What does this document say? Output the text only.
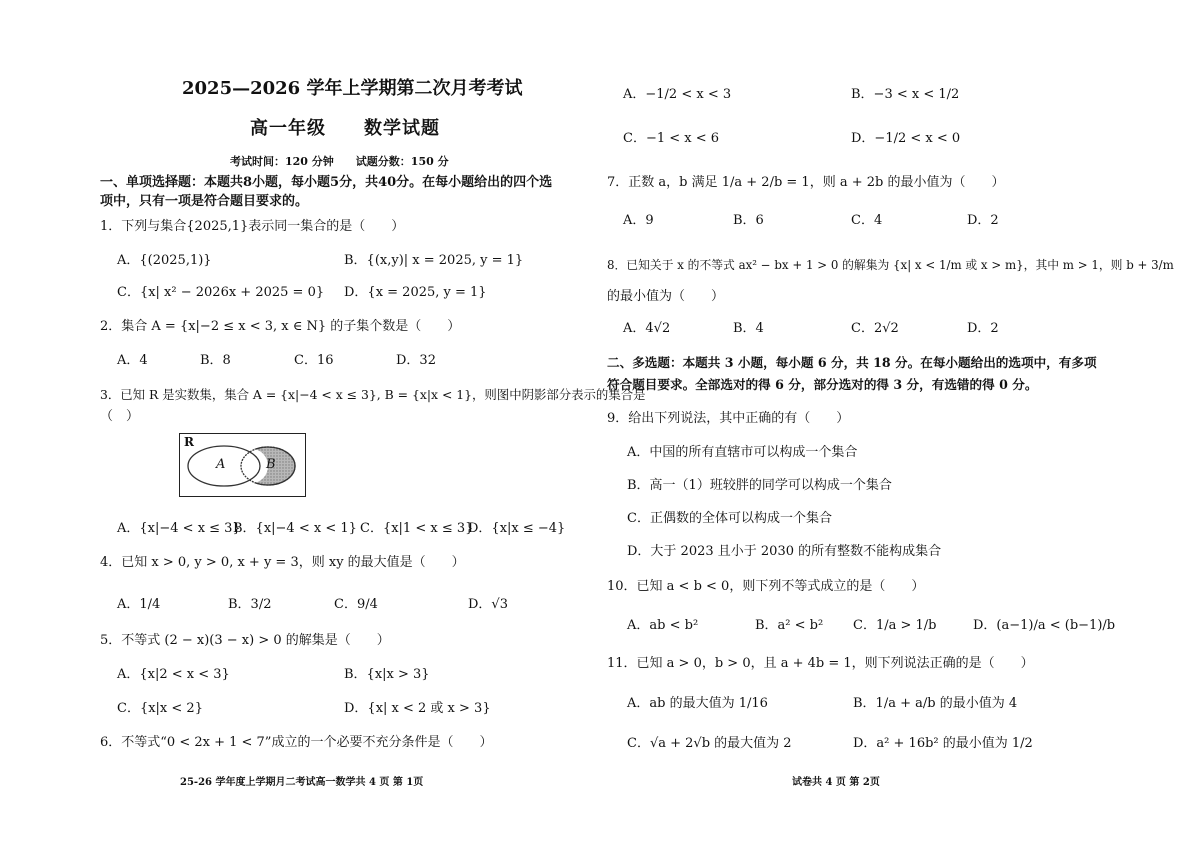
2025—2026 学年上学期第二次月考考试
高一年级　　数学试题
考试时间：120 分钟　　试题分数：150 分
一、单项选择题：本题共8小题，每小题5分，共40分。在每小题给出的四个选
项中，只有一项是符合题目要求的。
1．下列与集合{2025,1}表示同一集合的是（　　）
A．{(2025,1)}	B．{(x,y)| x = 2025, y = 1}
C．{x| x² − 2026x + 2025 = 0} D．{x = 2025, y = 1}
2．集合 A = {x|−2 ≤ x < 3, x ∈ N} 的子集个数是（　　）
A．4	B．8	C．16	D．32
3．已知 R 是实数集，集合 A = {x|−4 < x ≤ 3}, B = {x|x < 1}，则图中阴影部分表示的集合是
（　）
A．{x|−4 < x ≤ 3}
B．{x|−4 < x < 1} C．{x|1 < x ≤ 3}
D．{x|x ≤ −4}
4．已知 x > 0, y > 0, x + y = 3，则 xy 的最大值是（　　）
A．1/4	B．3/2	C．9/4	D．√3
5．不等式 (2 − x)(3 − x) > 0 的解集是（　　）
A．{x|2 < x < 3}	B．{x|x > 3}
C．{x|x < 2}	D．{x| x < 2 或 x > 3}
6．不等式“0 < 2x + 1 < 7”成立的一个必要不充分条件是（　　）
25-26 学年度上学期月二考试高一数学共 4 页 第 1页
R
A	B
A．−1/2 < x < 3	B．−3 < x < 1/2
C．−1 < x < 6	D．−1/2 < x < 0
7．正数 a，b 满足 1/a + 2/b = 1，则 a + 2b 的最小值为（　　）
A．9	B．6	C．4	D．2
8．已知关于 x 的不等式 ax² − bx + 1 > 0 的解集为 {x| x < 1/m 或 x > m}，其中 m > 1，则 b + 3/m
的最小值为（　　）
A．4√2	B．4	C．2√2	D．2
二、多选题：本题共 3 小题，每小题 6 分，共 18 分。在每小题给出的选项中，有多项
符合题目要求。全部选对的得 6 分，部分选对的得 3 分，有选错的得 0 分。
9．给出下列说法，其中正确的有（　　）
A．中国的所有直辖市可以构成一个集合
B．高一（1）班较胖的同学可以构成一个集合
C．正偶数的全体可以构成一个集合
D．大于 2023 且小于 2030 的所有整数不能构成集合
10．已知 a < b < 0，则下列不等式成立的是（　　）
A．ab < b²	B．a² < b² C．1/a > 1/b	D．(a−1)/a < (b−1)/b
11．已知 a > 0，b > 0，且 a + 4b = 1，则下列说法正确的是（　　）
A．ab 的最大值为 1/16	B．1/a + a/b 的最小值为 4
C．√a + 2√b 的最大值为 2	D．a² + 16b² 的最小值为 1/2
试卷共 4 页 第 2页
